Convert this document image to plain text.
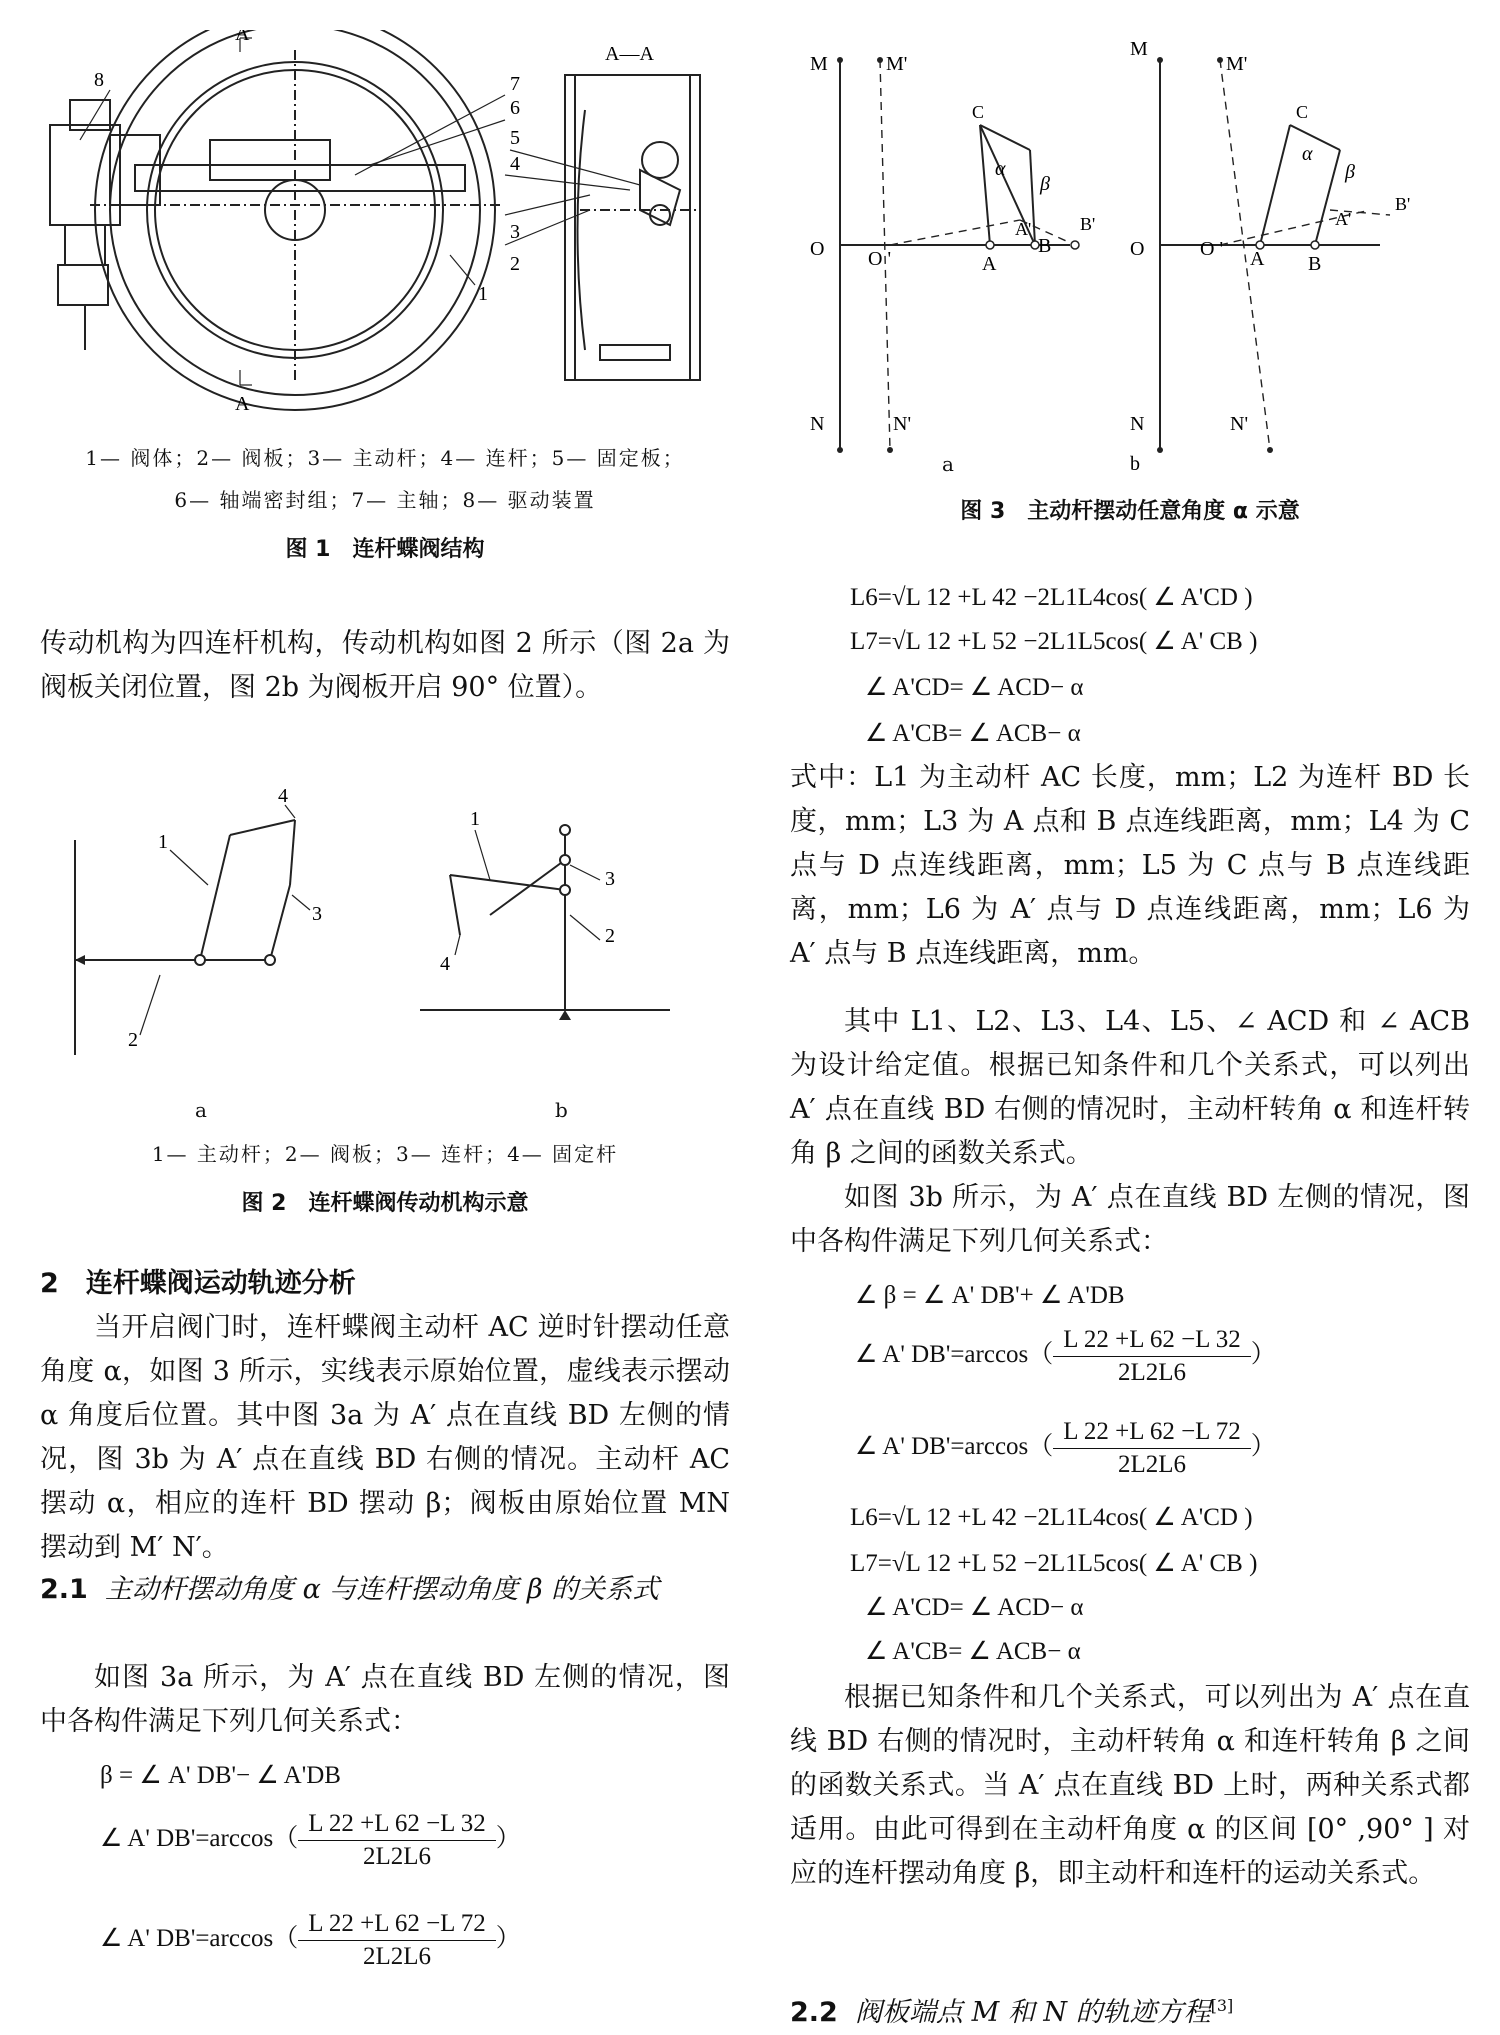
8	7
6
5
4
3
2
1
A
A
A—A
1— 阀体；2— 阀板；3— 主动杆；4— 连杆；5— 固定板；
6— 轴端密封组；7— 主轴；8— 驱动装置
图 1　连杆蝶阀结构
传动机构为四连杆机构，传动机构如图 2 所示（图 2a 为阀板关闭位置，图 2b 为阀板开启 90° 位置）。
1
2
3
4
1
4
3
2
a	b
1— 主动杆；2— 阀板；3— 连杆；4— 固定杆
图 2　连杆蝶阀传动机构示意
2　连杆蝶阀运动轨迹分析
当开启阀门时，连杆蝶阀主动杆 AC 逆时针摆动任意角度 α，如图 3 所示，实线表示原始位置，虚线表示摆动 α 角度后位置。其中图 3a 为 A′ 点在直线 BD 左侧的情况，图 3b 为 A′ 点在直线 BD 右侧的情况。主动杆 AC 摆动 α，相应的连杆 BD 摆动 β；阀板由原始位置 MN 摆动到 M′ N′。
2.1 主动杆摆动角度 α 与连杆摆动角度 β 的关系式
如图 3a 所示，为 A′ 点在直线 BD 左侧的情况，图中各构件满足下列几何关系式：
β = ∠ A' DB'− ∠ A'DB
∠ A' $DB'=\arccos( \frac{L 22 +L 62 -L 32}{2L2L6}$ ）
∠ A' $DB'=\arccos( \frac{L 22 +L 62 -L 72}{2L2L6}$ ）
M	M'
O O '
N	N'
A
A'
B
B'
C
α
β
b
M
M'
O	O '
N	N'
A
A'
B
B'
C
α
β
a
图 3　主动杆摆动任意角度 α 示意
L6=√L 12 +L 42 −2L1L4cos( ∠ A'CD )
L7=√L 12 +L 52 −2L1L5cos( ∠ A' CB )
∠ A'CD= ∠ ACD− α
∠ A'CB= ∠ ACB− α
式中：L1 为主动杆 AC 长度，mm；L2 为连杆 BD 长度，mm；L3 为 A 点和 B 点连线距离，mm；L4 为 C 点与 D 点连线距离，mm；L5 为 C 点与 B 点连线距离，mm；L6 为 A′ 点与 D 点连线距离，mm；L6 为 A′ 点与 B 点连线距离，mm。
其中 L1、L2、L3、L4、L5、∠ ACD 和 ∠ ACB 为设计给定值。根据已知条件和几个关系式，可以列出 A′ 点在直线 BD 右侧的情况时，主动杆转角 α 和连杆转角 β 之间的函数关系式。
如图 3b 所示，为 A′ 点在直线 BD 左侧的情况，图中各构件满足下列几何关系式：
∠ β = ∠ A' DB'+ ∠ A'DB
∠ A' $DB'=\arccos( \frac{L 22 +L 62 -L 32}{2L2L6}$ ）
∠ A' $DB'=\arccos( \frac{L 22 +L 62 -L 72}{2L2L6}$ ）
L6=√L 12 +L 42 −2L1L4cos( ∠ A'CD )
L7=√L 12 +L 52 −2L1L5cos( ∠ A' CB )
∠ A'CD= ∠ ACD− α
∠ A'CB= ∠ ACB− α
根据已知条件和几个关系式，可以列出为 A′ 点在直线 BD 右侧的情况时，主动杆转角 α 和连杆转角 β 之间的函数关系式。当 A′ 点在直线 BD 上时，两种关系式都适用。由此可得到在主动杆角度 α 的区间 [0° ,90° ] 对应的连杆摆动角度 β，即主动杆和连杆的运动关系式。
2.2 阀板端点 M 和 N 的轨迹方程[3]
